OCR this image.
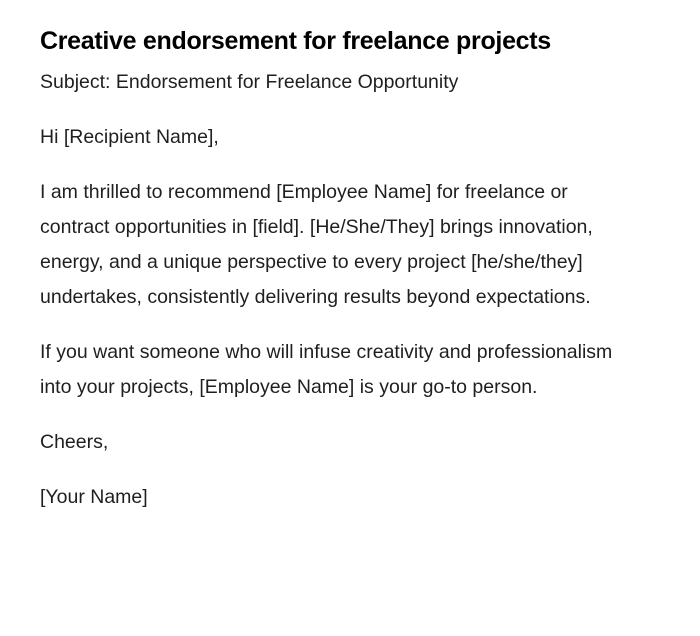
Creative endorsement for freelance projects

Subject: Endorsement for Freelance Opportunity

Hi [Recipient Name],

I am thrilled to recommend [Employee Name] for freelance or contract opportunities in [field]. [He/She/They] brings innovation, energy, and a unique perspective to every project [he/she/they] undertakes, consistently delivering results beyond expectations.

If you want someone who will infuse creativity and professionalism into your projects, [Employee Name] is your go-to person.

Cheers,

[Your Name]
